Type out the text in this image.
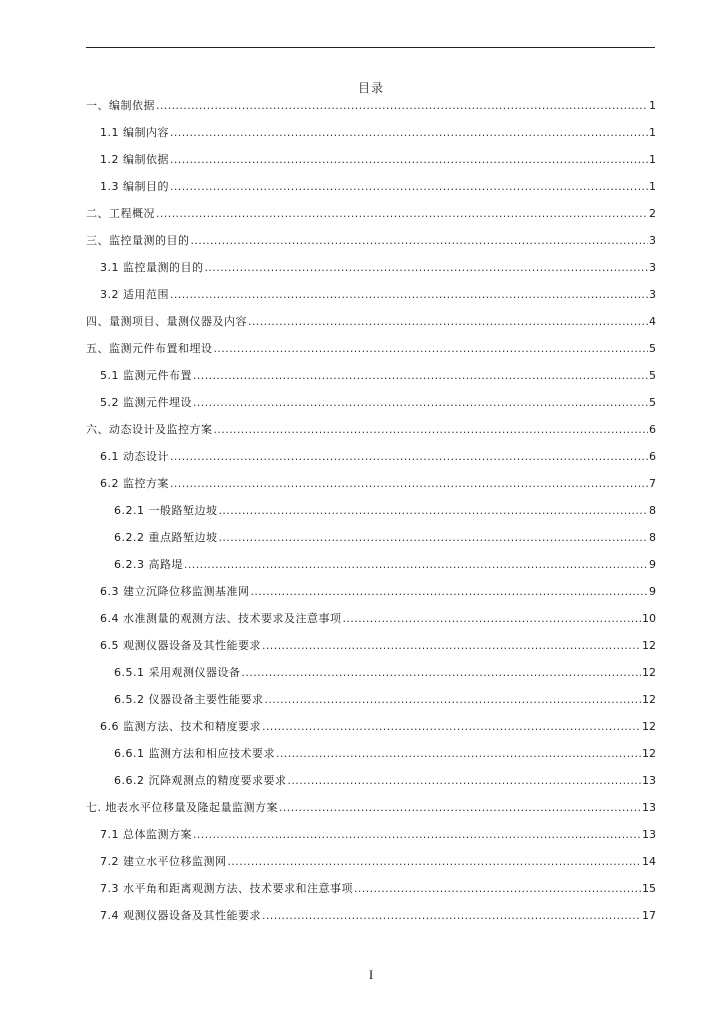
目录
一、编制依据 .....	1
1.1 编制内容 .....	1
1.2 编制依据 .....	1
1.3 编制目的 .....	1
二、工程概况 .....	2
三、监控量测的目的 .....	3
3.1 监控量测的目的 .....	3
3.2 适用范围 .....	3
四、量测项目、量测仪器及内容 .....	4
五、监测元件布置和埋设 .....	5
5.1 监测元件布置 .....	5
5.2 监测元件埋设 .....	5
六、动态设计及监控方案 .....	6
6.1 动态设计 .....	6
6.2 监控方案 .....	7
6.2.1 一般路堑边坡 .....	8
6.2.2 重点路堑边坡 .....	8
6.2.3 高路堤 .....	9
6.3 建立沉降位移监测基准网 .....	9
6.4 水准测量的观测方法、技术要求及注意事项 .....	10
6.5 观测仪器设备及其性能要求 .....	12
6.5.1 采用观测仪器设备 .....	12
6.5.2 仪器设备主要性能要求 .....	12
6.6 监测方法、技术和精度要求 .....	12
6.6.1 监测方法和相应技术要求 .....	12
6.6.2 沉降观测点的精度要求要求 .....	13
七. 地表水平位移量及隆起量监测方案 .....	13
7.1 总体监测方案 .....	13
7.2 建立水平位移监测网 .....	14
7.3 水平角和距离观测方法、技术要求和注意事项 .....	15
7.4 观测仪器设备及其性能要求 .....	17
I
